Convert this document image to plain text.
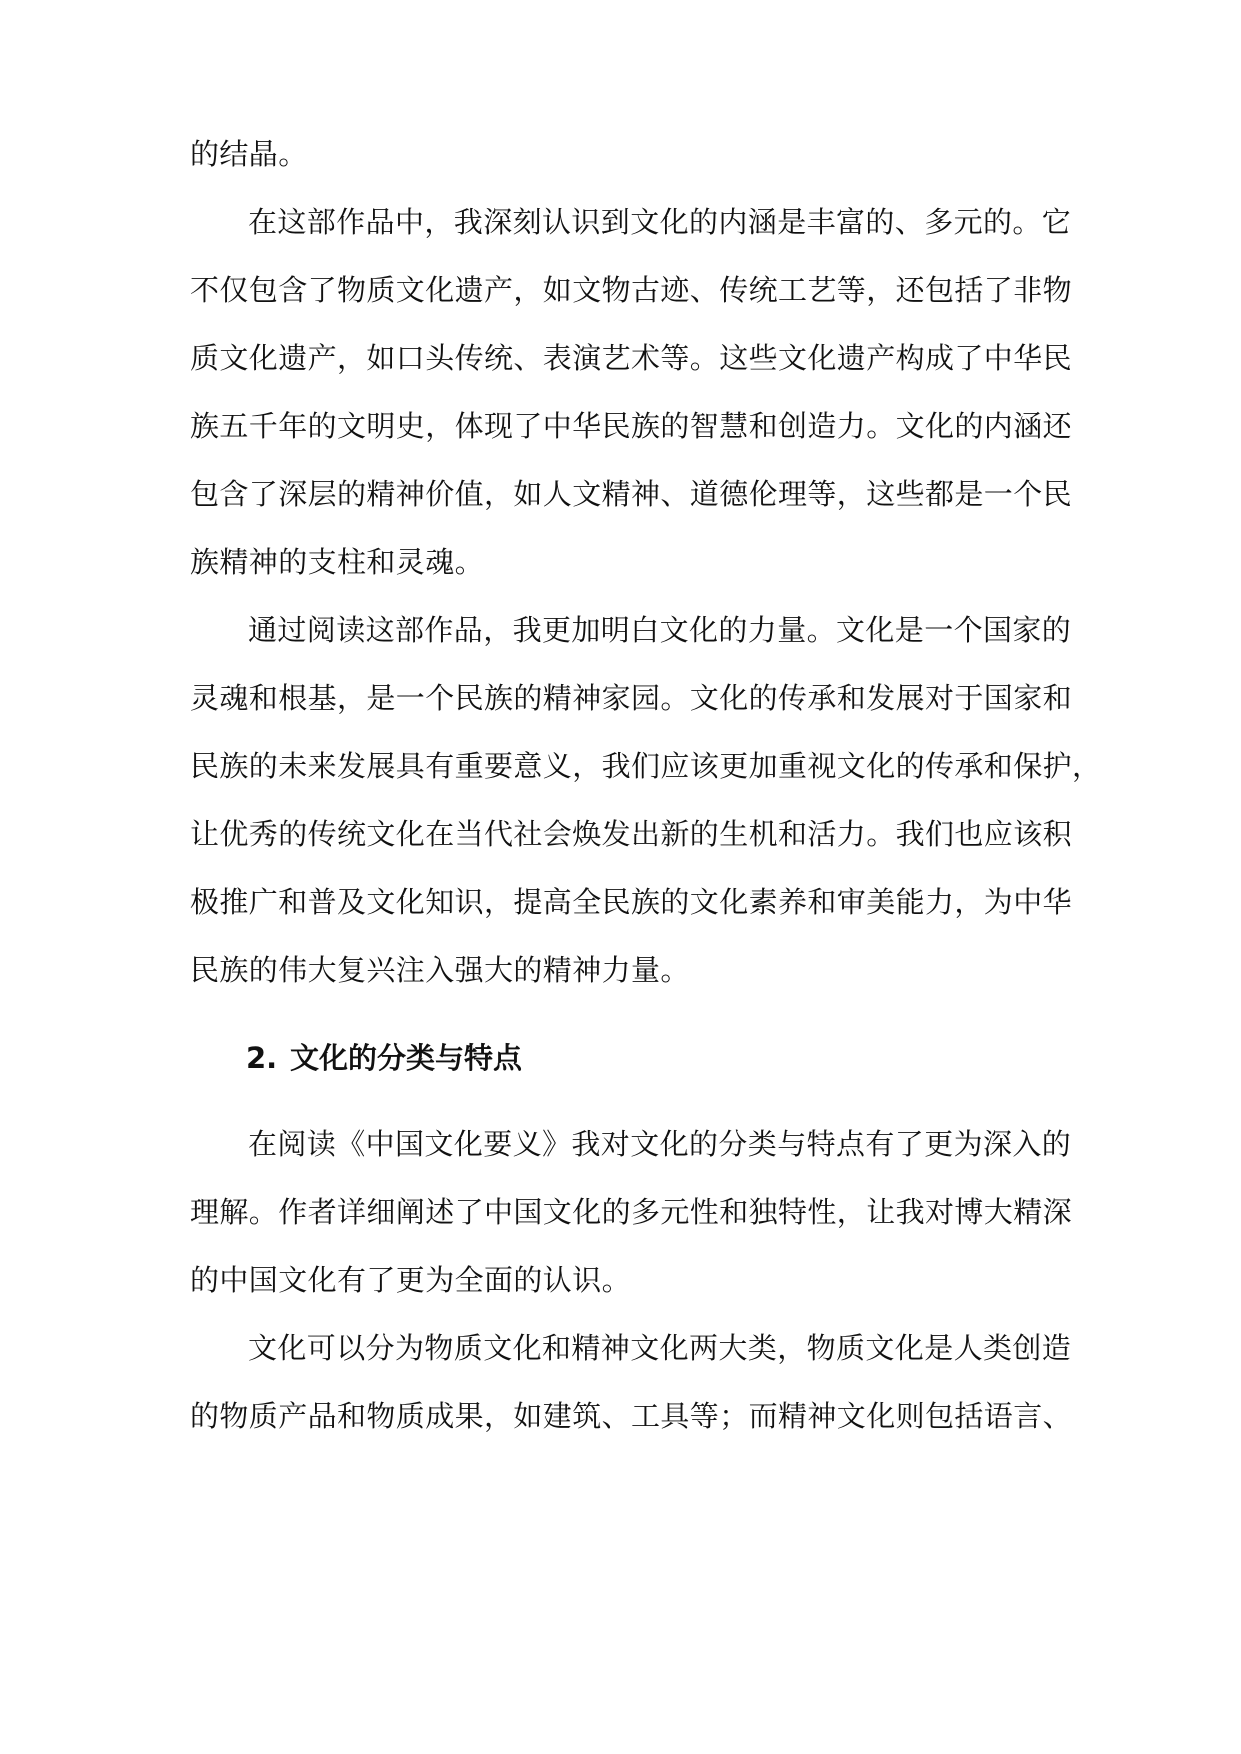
的结晶。
在这部作品中，我深刻认识到文化的内涵是丰富的、多元的。它
不仅包含了物质文化遗产，如文物古迹、传统工艺等，还包括了非物
质文化遗产，如口头传统、表演艺术等。这些文化遗产构成了中华民
族五千年的文明史，体现了中华民族的智慧和创造力。文化的内涵还
包含了深层的精神价值，如人文精神、道德伦理等，这些都是一个民
族精神的支柱和灵魂。
通过阅读这部作品，我更加明白文化的力量。文化是一个国家的
灵魂和根基，是一个民族的精神家园。文化的传承和发展对于国家和
民族的未来发展具有重要意义，我们应该更加重视文化的传承和保护，
让优秀的传统文化在当代社会焕发出新的生机和活力。我们也应该积
极推广和普及文化知识，提高全民族的文化素养和审美能力，为中华
民族的伟大复兴注入强大的精神力量。
2. 文化的分类与特点
在阅读《中国文化要义》我对文化的分类与特点有了更为深入的
理解。作者详细阐述了中国文化的多元性和独特性，让我对博大精深
的中国文化有了更为全面的认识。
文化可以分为物质文化和精神文化两大类，物质文化是人类创造
的物质产品和物质成果，如建筑、工具等；而精神文化则包括语言、
